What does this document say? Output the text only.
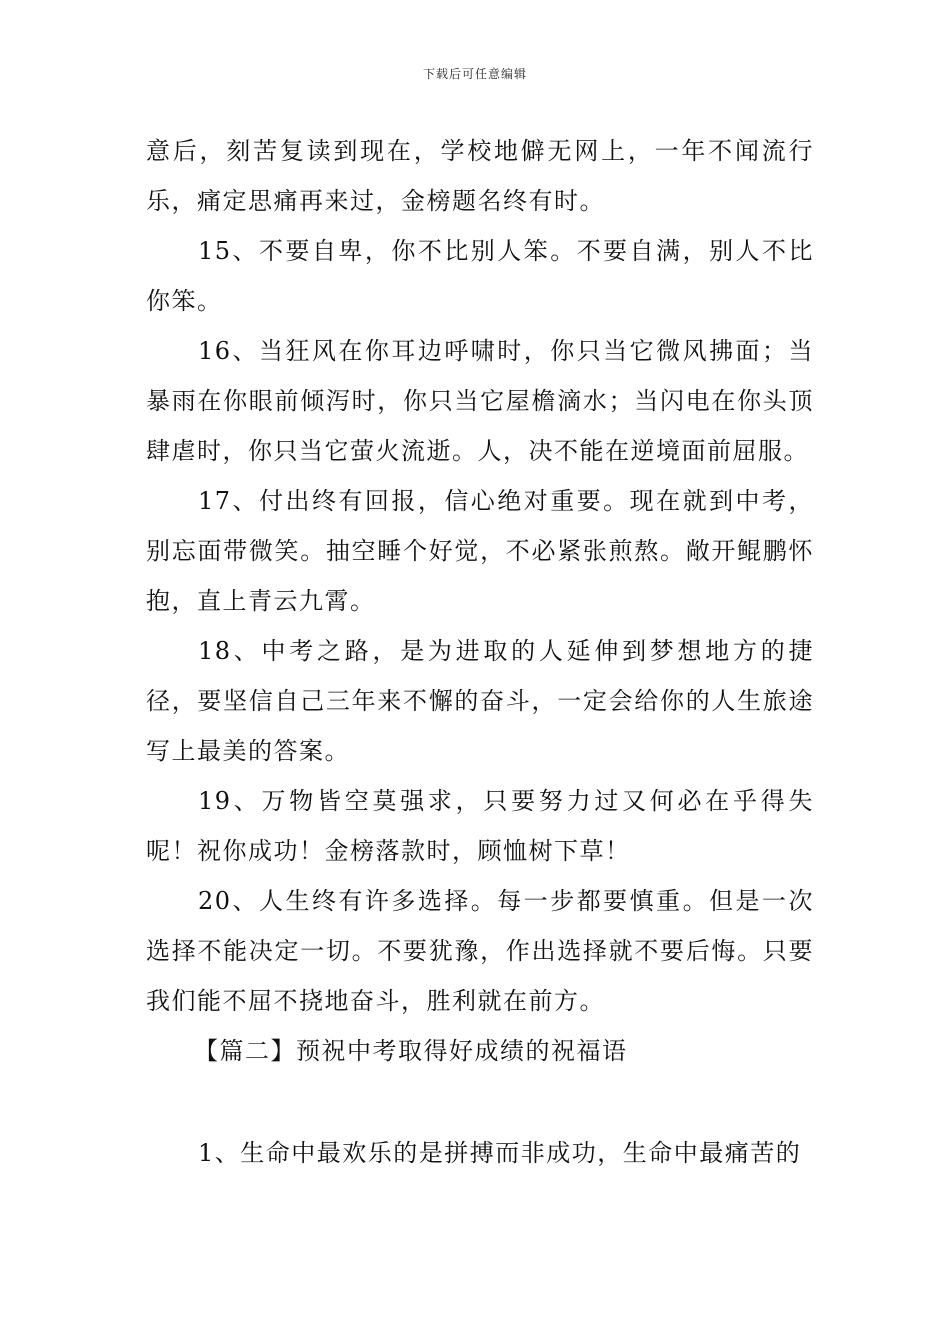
下载后可任意编辑

意后，刻苦复读到现在，学校地僻无网上，一年不闻流行乐，痛定思痛再来过，金榜题名终有时。

15、不要自卑，你不比别人笨。不要自满，别人不比你笨。

16、当狂风在你耳边呼啸时，你只当它微风拂面；当暴雨在你眼前倾泻时，你只当它屋檐滴水；当闪电在你头顶肆虐时，你只当它萤火流逝。人，决不能在逆境面前屈服。

17、付出终有回报，信心绝对重要。现在就到中考，别忘面带微笑。抽空睡个好觉，不必紧张煎熬。敞开鲲鹏怀抱，直上青云九霄。

18、中考之路，是为进取的人延伸到梦想地方的捷径，要坚信自己三年来不懈的奋斗，一定会给你的人生旅途写上最美的答案。

19、万物皆空莫强求，只要努力过又何必在乎得失呢！祝你成功！金榜落款时，顾恤树下草！

20、人生终有许多选择。每一步都要慎重。但是一次选择不能决定一切。不要犹豫，作出选择就不要后悔。只要我们能不屈不挠地奋斗，胜利就在前方。

【篇二】预祝中考取得好成绩的祝福语

1、生命中最欢乐的是拼搏而非成功，生命中最痛苦的
